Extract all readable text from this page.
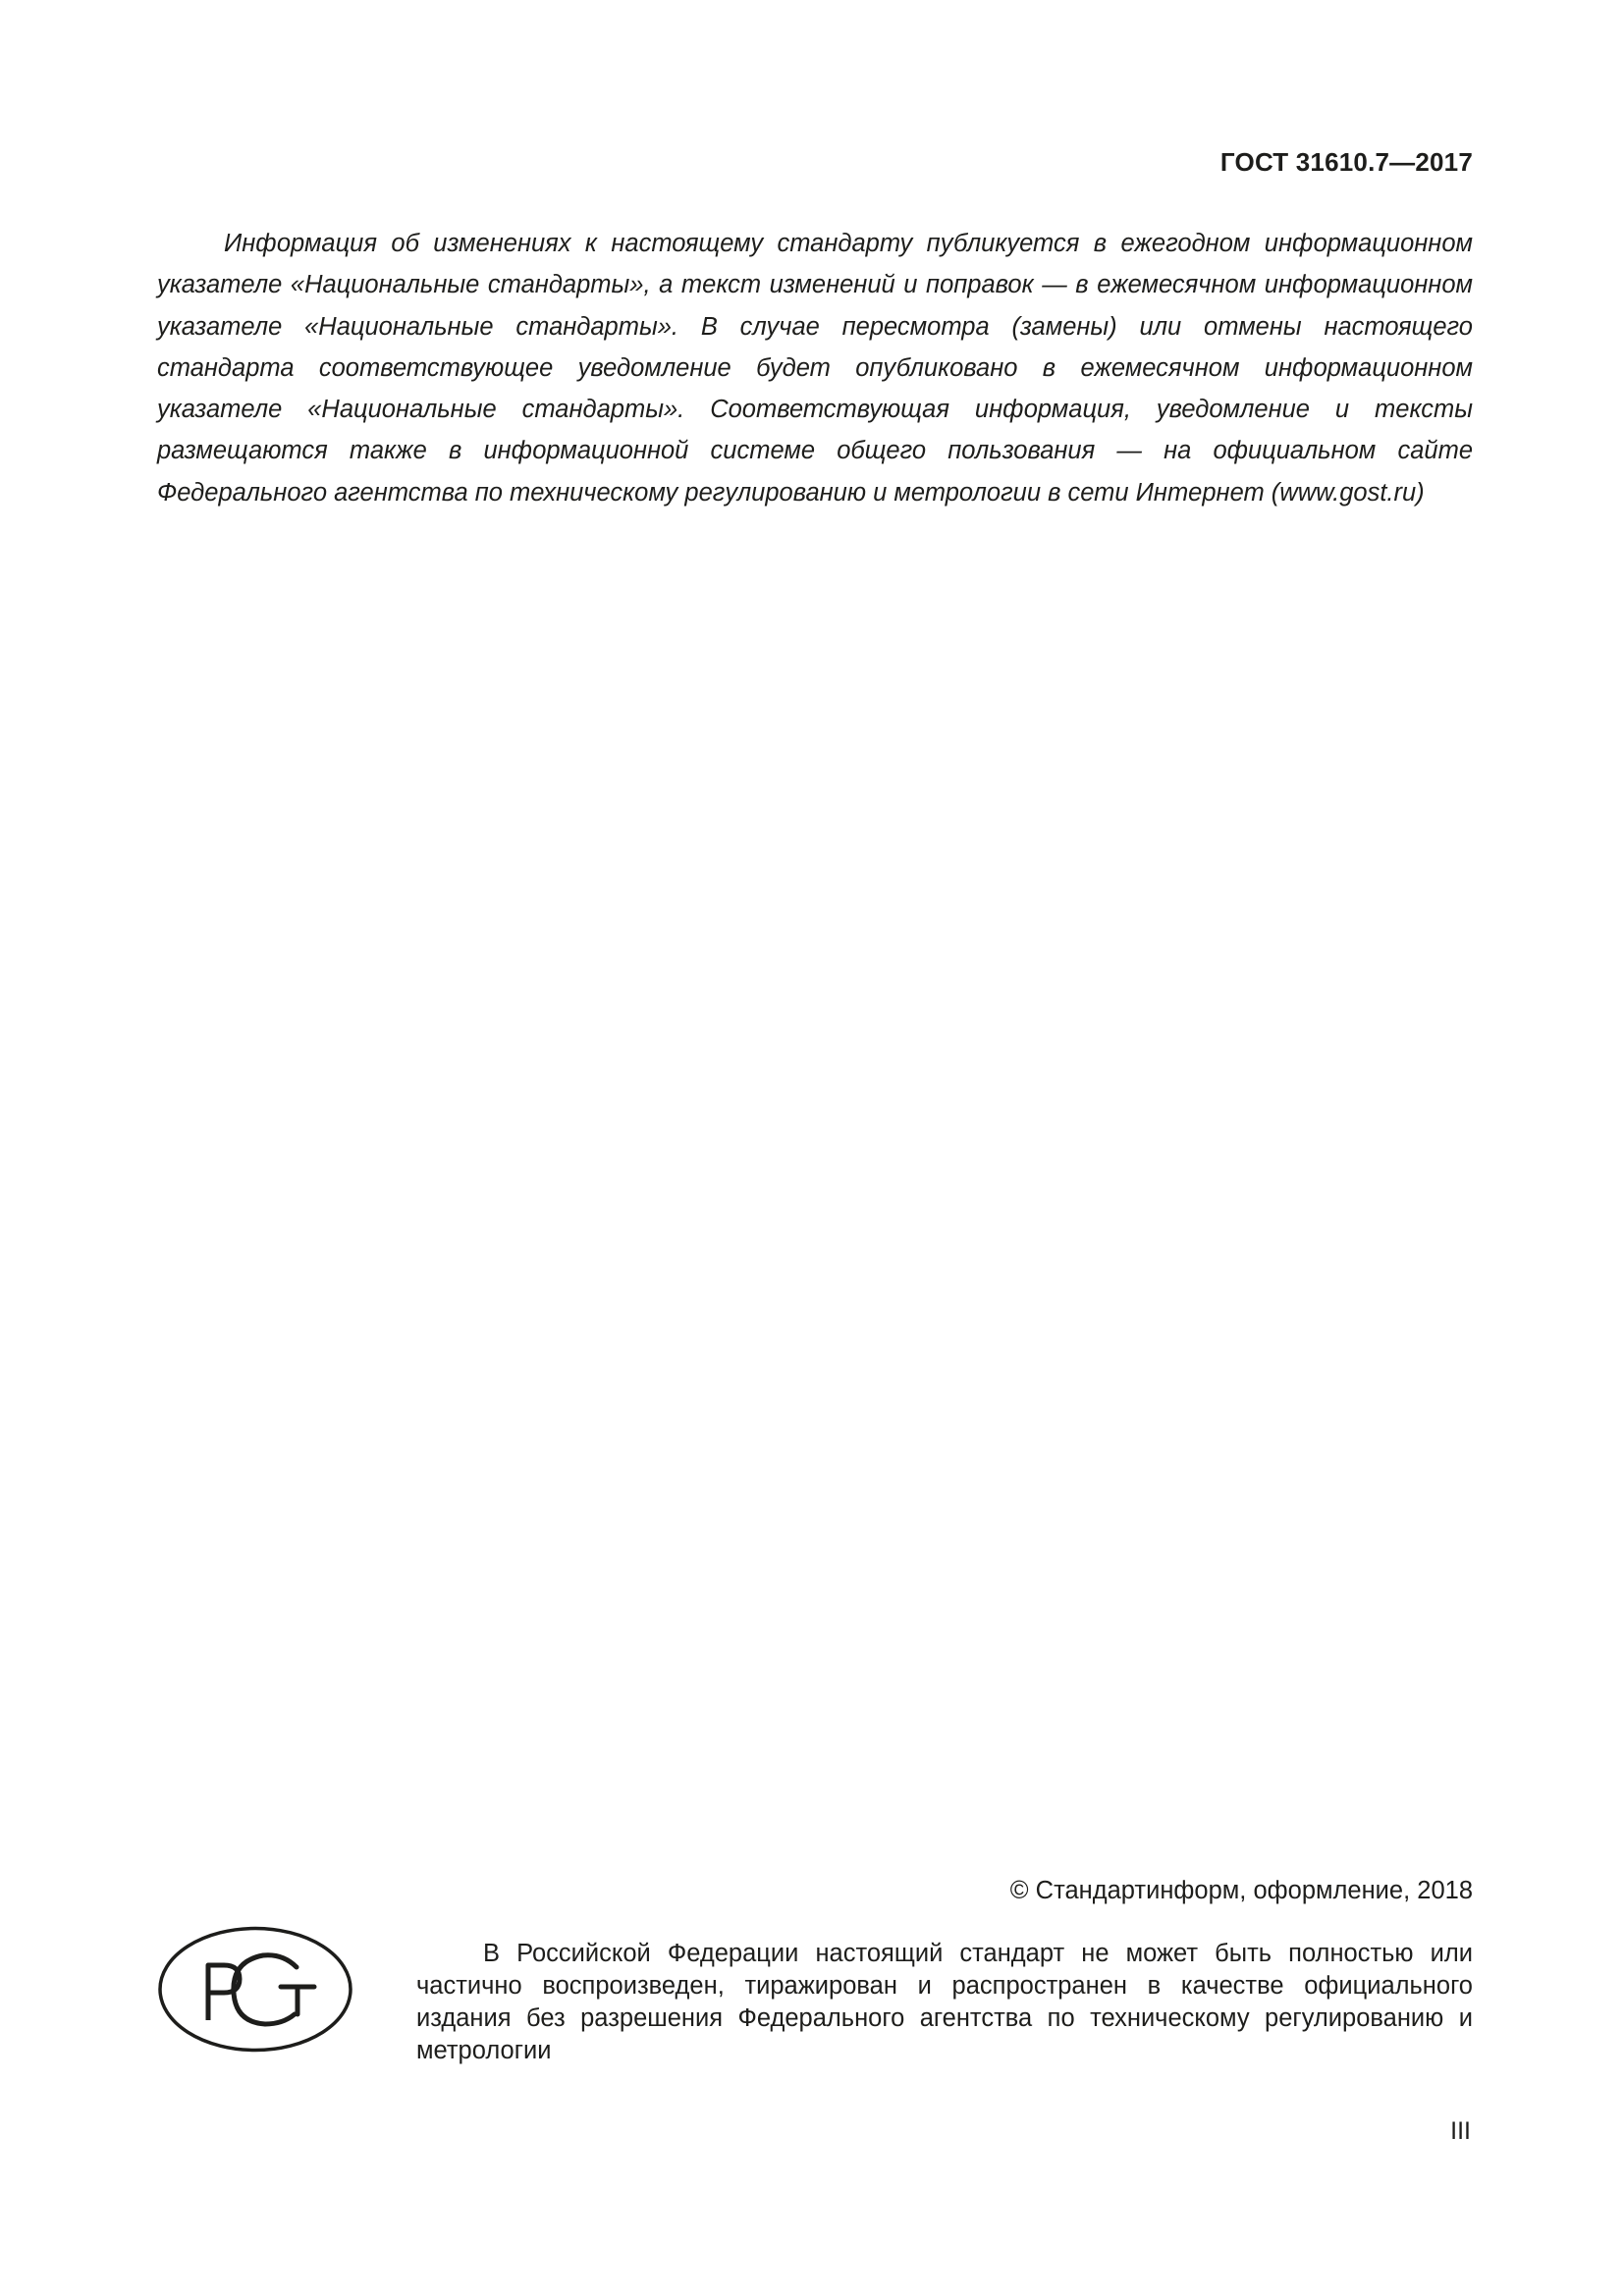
ГОСТ 31610.7—2017

Информация об изменениях к настоящему стандарту публикуется в ежегодном информационном указателе «Национальные стандарты», а текст изменений и поправок — в ежемесячном информационном указателе «Национальные стандарты». В случае пересмотра (замены) или отмены настоящего стандарта соответствующее уведомление будет опубликовано в ежемесячном информационном указателе «Национальные стандарты». Соответствующая информация, уведомление и тексты размещаются также в информационной системе общего пользования — на официальном сайте Федерального агентства по техническому регулированию и метрологии в сети Интернет (www.gost.ru)

© Стандартинформ, оформление, 2018

В Российской Федерации настоящий стандарт не может быть полностью или частично воспроизведен, тиражирован и распространен в качестве официального издания без разрешения Федерального агентства по техническому регулированию и метрологии

III
